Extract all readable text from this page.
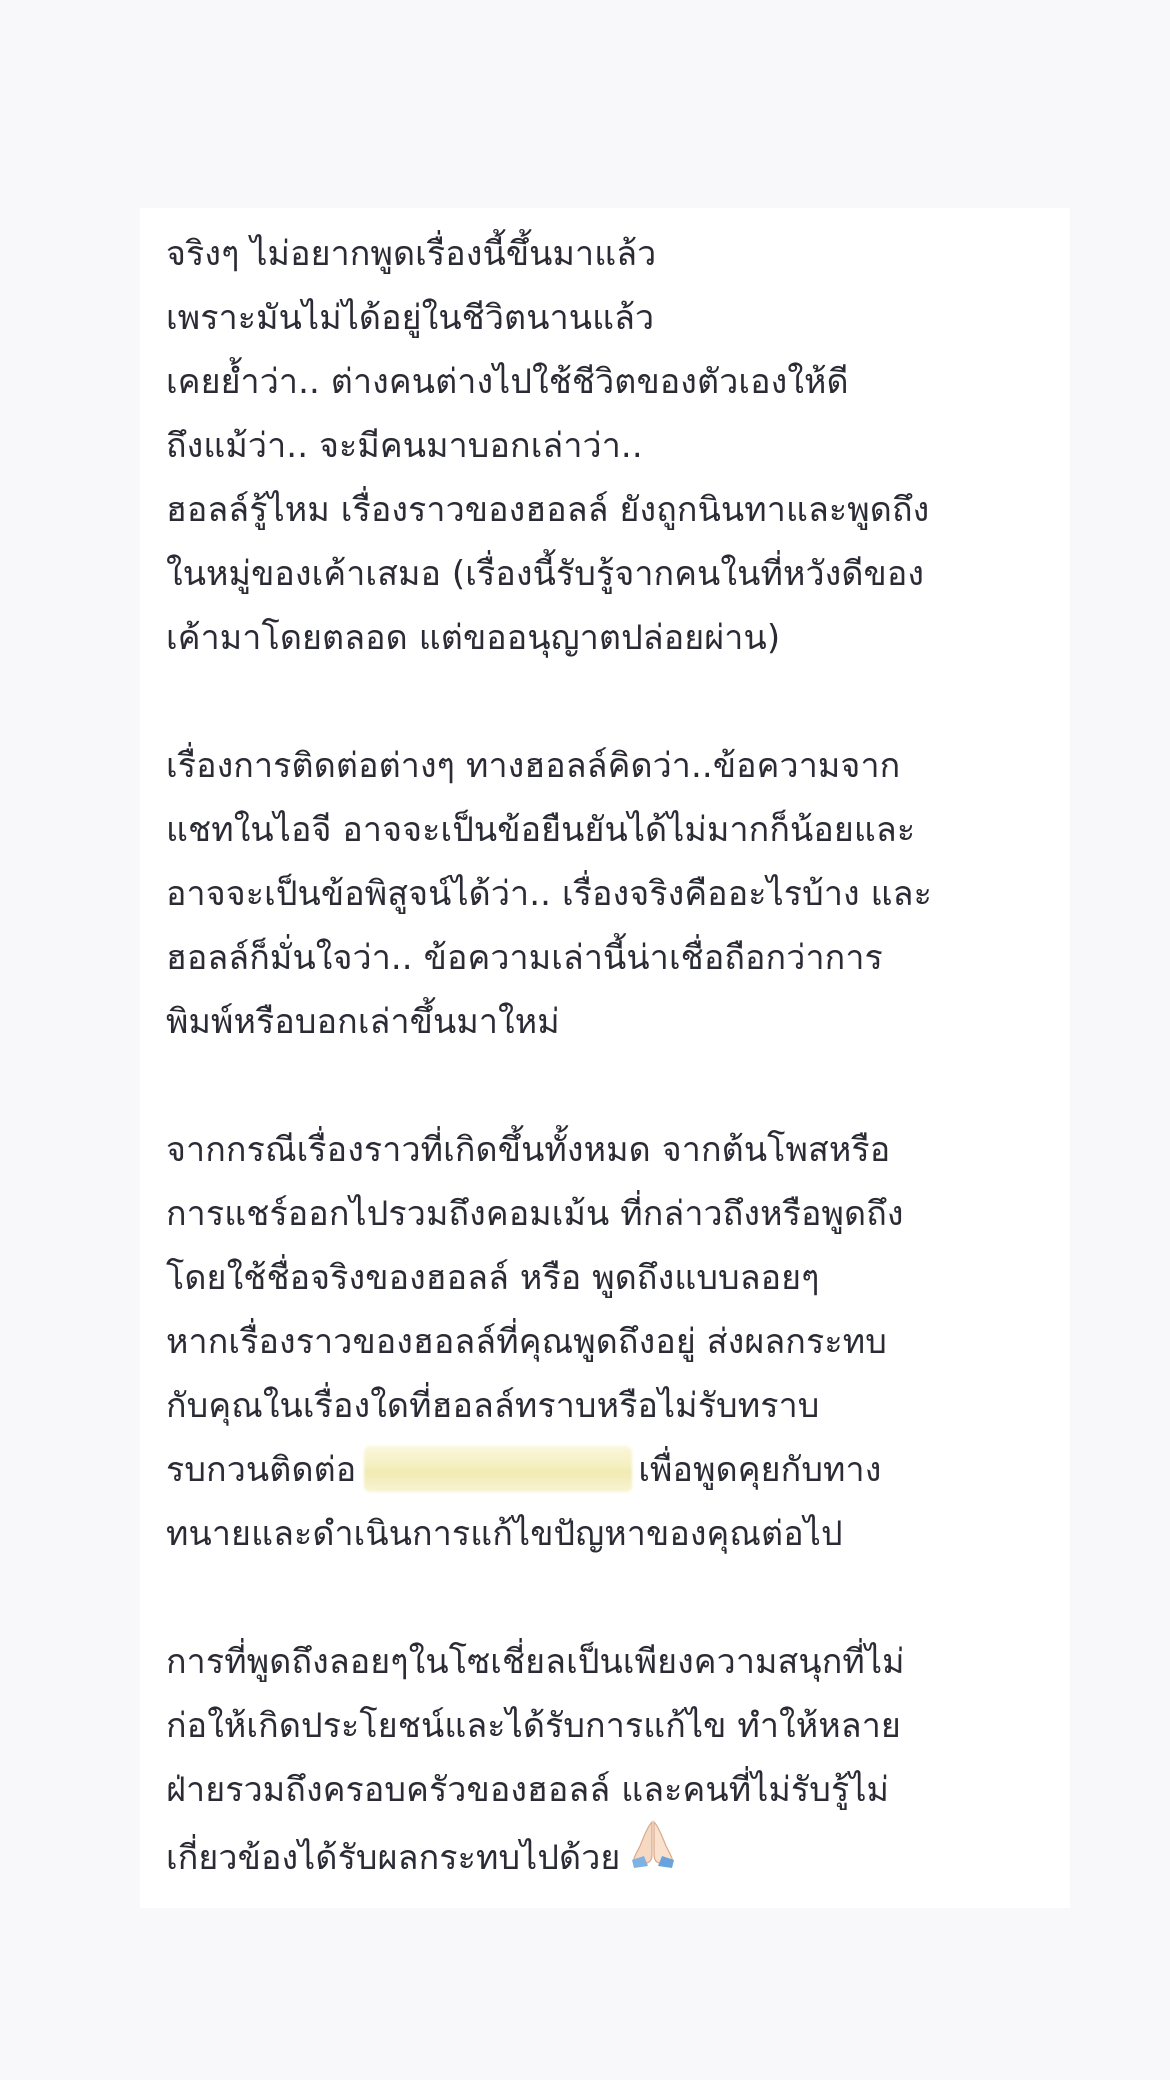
จริงๆ ไม่อยากพูดเรื่องนี้ขึ้นมาแล้ว
เพราะมันไม่ได้อยู่ในชีวิตนานแล้ว
เคยย้ำว่า.. ต่างคนต่างไปใช้ชีวิตของตัวเองให้ดี
ถึงแม้ว่า.. จะมีคนมาบอกเล่าว่า..
ฮอลล์รู้ไหม เรื่องราวของฮอลล์ ยังถูกนินทาและพูดถึง
ในหมู่ของเค้าเสมอ (เรื่องนี้รับรู้จากคนในที่หวังดีของ
เค้ามาโดยตลอด แต่ขออนุญาตปล่อยผ่าน)
เรื่องการติดต่อต่างๆ ทางฮอลล์คิดว่า..ข้อความจาก
แชทในไอจี อาจจะเป็นข้อยืนยันได้ไม่มากก็น้อยและ
อาจจะเป็นข้อพิสูจน์ได้ว่า.. เรื่องจริงคืออะไรบ้าง และ
ฮอลล์ก็มั่นใจว่า.. ข้อความเล่านี้น่าเชื่อถือกว่าการ
พิมพ์หรือบอกเล่าขึ้นมาใหม่
จากกรณีเรื่องราวที่เกิดขึ้นทั้งหมด จากต้นโพสหรือ
การแชร์ออกไปรวมถึงคอมเม้น ที่กล่าวถึงหรือพูดถึง
โดยใช้ชื่อจริงของฮอลล์ หรือ พูดถึงแบบลอยๆ
หากเรื่องราวของฮอลล์ที่คุณพูดถึงอยู่ ส่งผลกระทบ
กับคุณในเรื่องใดที่ฮอลล์ทราบหรือไม่รับทราบ
รบกวนติดต่อ	เพื่อพูดคุยกับทาง
ทนายและดำเนินการแก้ไขปัญหาของคุณต่อไป
การที่พูดถึงลอยๆในโซเชี่ยลเป็นเพียงความสนุกที่ไม่
ก่อให้เกิดประโยชน์และได้รับการแก้ไข ทำให้หลาย
ฝ่ายรวมถึงครอบครัวของฮอลล์ และคนที่ไม่รับรู้ไม่
เกี่ยวข้องได้รับผลกระทบไปด้วย
